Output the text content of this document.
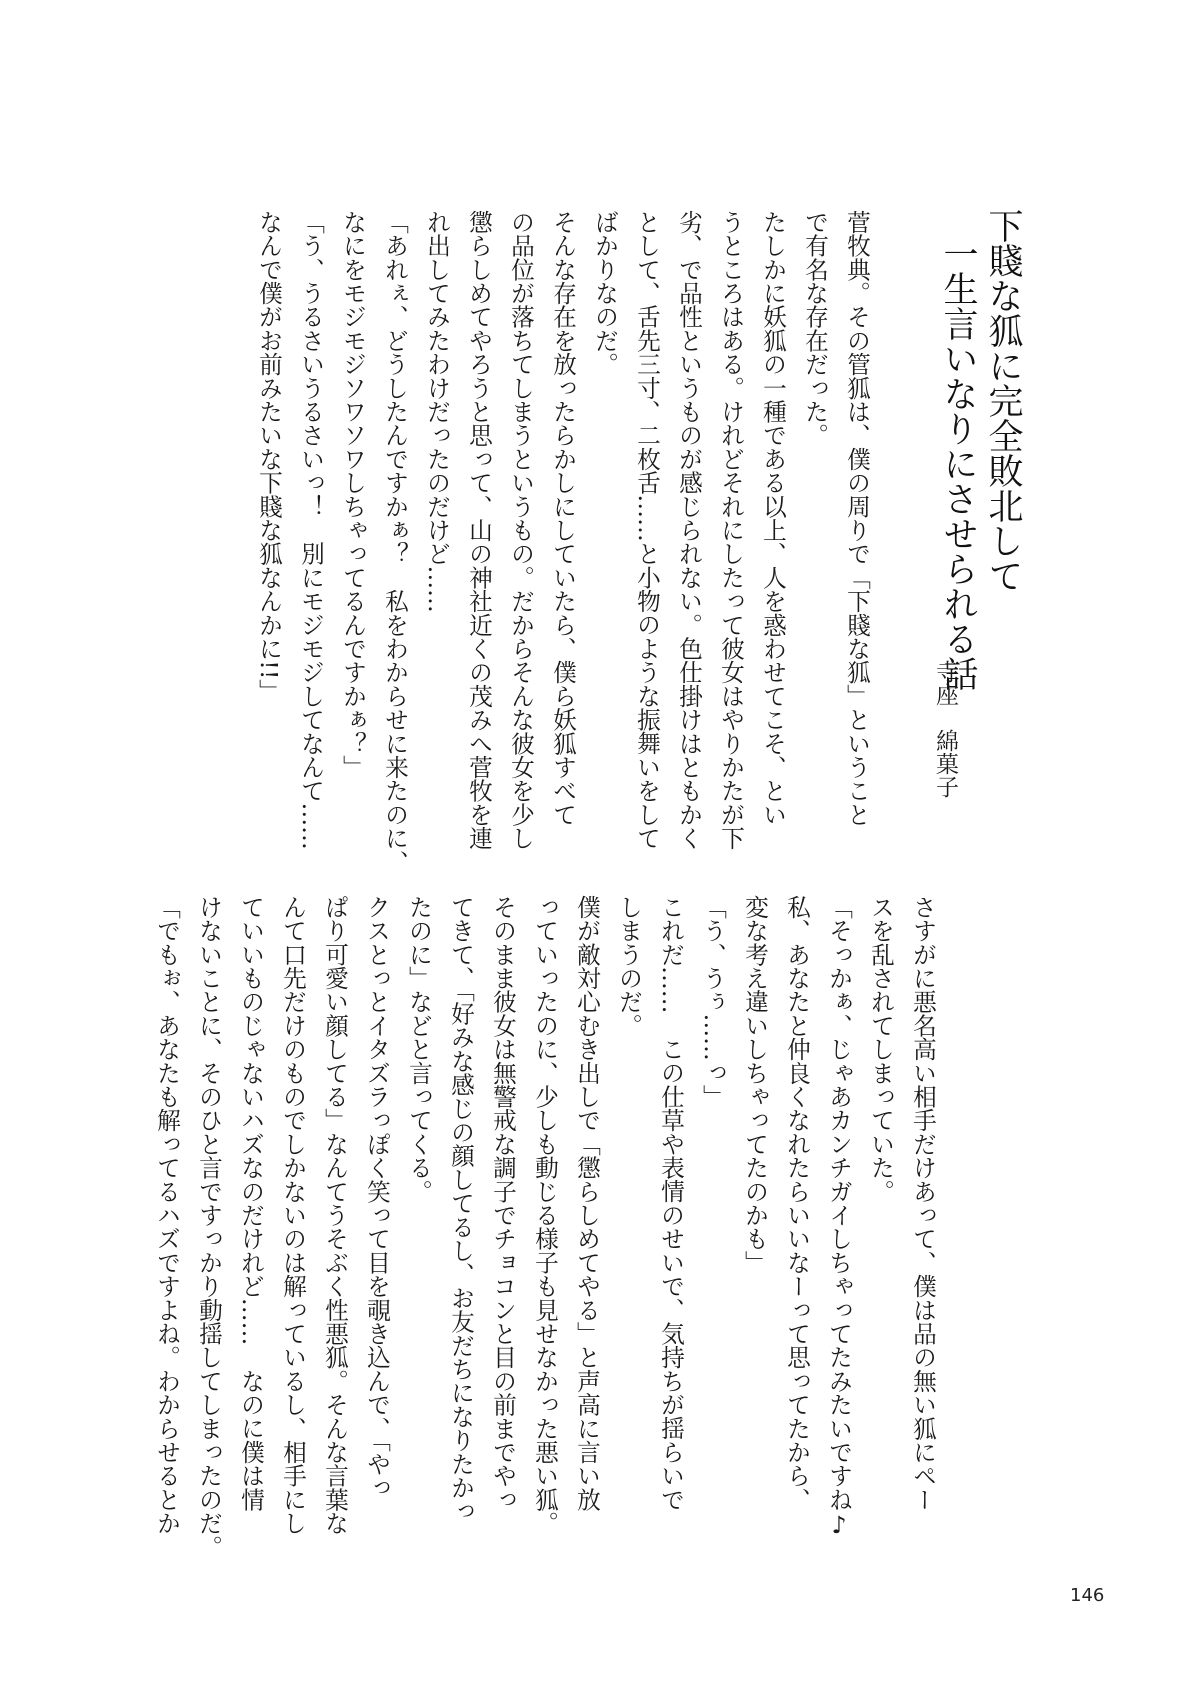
下賤な狐に完全敗北して

一生言いなりにさせられる話

寺座　綿菓子

菅牧典。その管狐は、僕の周りで「下賤な狐」ということ

で有名な存在だった。

たしかに妖狐の一種である以上、人を惑わせてこそ、とい

うところはある。けれどそれにしたって彼女はやりかたが下

劣、で品性というものが感じられない。色仕掛けはともかく

として、舌先三寸、二枚舌……と小物のような振舞いをして

ばかりなのだ。

そんな存在を放ったらかしにしていたら、僕ら妖狐すべて

の品位が落ちてしまうというもの。だからそんな彼女を少し

懲らしめてやろうと思って、山の神社近くの茂みへ菅牧を連

れ出してみたわけだったのだけど……

「あれぇ、どうしたんですかぁ？　私をわからせに来たのに、

なにをモジモジソワソワしちゃってるんですかぁ？」

「う、うるさいうるさいっ！　別にモジモジしてなんて……

なんで僕がお前みたいな下賤な狐なんかに!!」

さすがに悪名高い相手だけあって、僕は品の無い狐にペー

スを乱されてしまっていた。

「そっかぁ、じゃあカンチガイしちゃってたみたいですね♪

私、あなたと仲良くなれたらいいなーって思ってたから、

変な考え違いしちゃってたのかも」

「う、うぅ……っ」

これだ……　この仕草や表情のせいで、気持ちが揺らいで

しまうのだ。

僕が敵対心むき出しで「懲らしめてやる」と声高に言い放

っていったのに、少しも動じる様子も見せなかった悪い狐。

そのまま彼女は無警戒な調子でチョコンと目の前までやっ

てきて、「好みな感じの顔してるし、お友だちになりたかっ

たのに」などと言ってくる。

クスとっとイタズラっぽく笑って目を覗き込んで、「やっ

ぱり可愛い顔してる」なんてうそぶく性悪狐。そんな言葉な

んて口先だけのものでしかないのは解っているし、相手にし

ていいものじゃないハズなのだけれど……　なのに僕は情

けないことに、そのひと言ですっかり動揺してしまったのだ。

「でもぉ、あなたも解ってるハズですよね。わからせるとか

146
